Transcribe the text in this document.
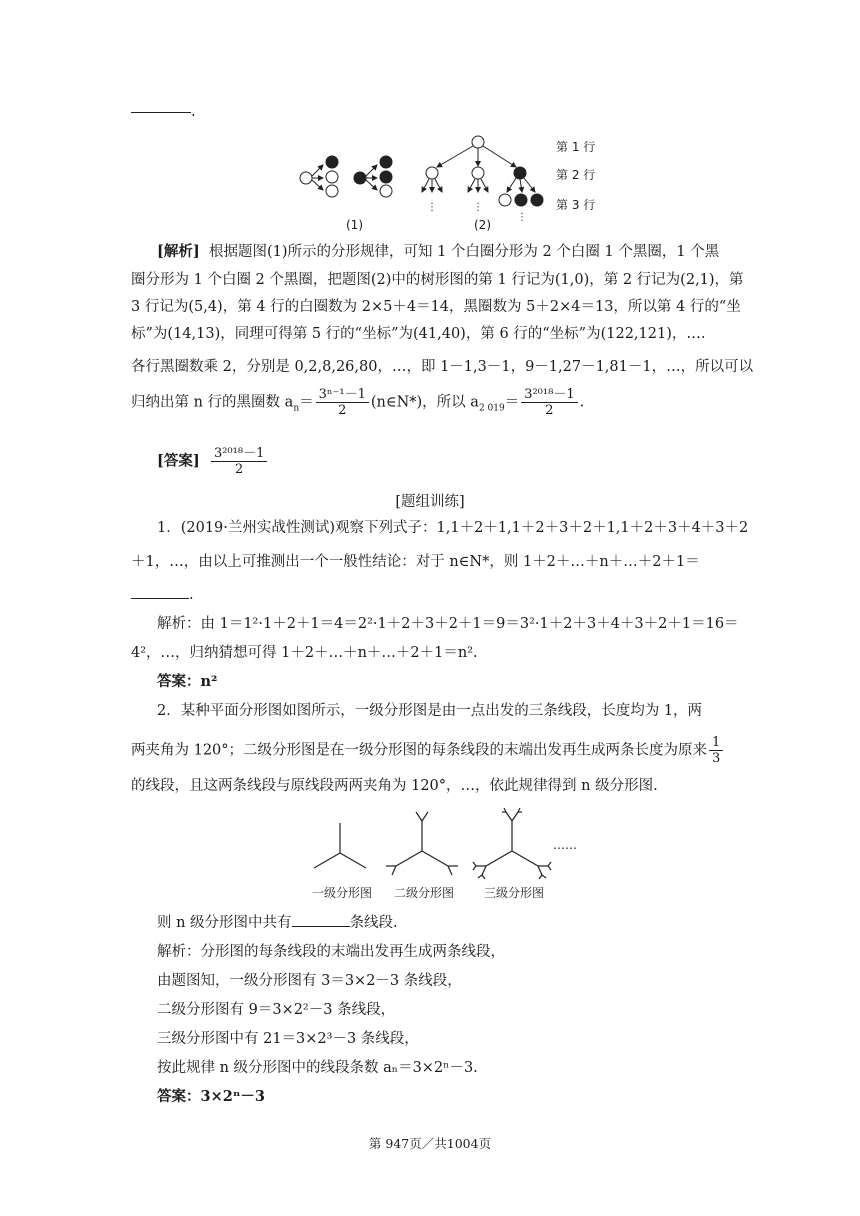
.
⋮	⋮
⋮
(1)	(2)
第 1 行
第 2 行
第 3 行
[解析] 根据题图(1)所示的分形规律，可知 1 个白圈分形为 2 个白圈 1 个黑圈，1 个黑
圈分形为 1 个白圈 2 个黑圈，把题图(2)中的树形图的第 1 行记为(1,0)，第 2 行记为(2,1)，第
3 行记为(5,4)，第 4 行的白圈数为 2×5＋4＝14，黑圈数为 5＋2×4＝13，所以第 4 行的“坐
标”为(14,13)，同理可得第 5 行的“坐标”为(41,40)，第 6 行的“坐标”为(122,121)，….
各行黑圈数乘 2，分别是 0,2,8,26,80，…，即 1－1,3－1，9－1,27－1,81－1，…，所以可以
归纳出第 n 行的黑圈数 $a_n= \frac{\text{3ⁿ⁻¹－1}}{2}$ (n∈N*)，所以 $a_{2 019}= \frac{\text{3²⁰¹⁸－1}}{2}$ .
[答案] $\frac{\text{3²⁰¹⁸－1}}{2}$
[题组训练]
1．(2019·兰州实战性测试)观察下列式子：1,1＋2＋1,1＋2＋3＋2＋1,1＋2＋3＋4＋3＋2
＋1，…，由以上可推测出一个一般性结论：对于 n∈N*，则 1＋2＋…＋n＋…＋2＋1＝
.
解析：由 1＝1²·1＋2＋1＝4＝2²·1＋2＋3＋2＋1＝9＝3²·1＋2＋3＋4＋3＋2＋1＝16＝
4²，…，归纳猜想可得 1＋2＋…＋n＋…＋2＋1＝n².
答案：n²
2．某种平面分形图如图所示，一级分形图是由一点出发的三条线段，长度均为 1，两
两夹角为 120°；二级分形图是在一级分形图的每条线段的末端出发再生成两条长度为原来 $\frac{1}{3}$
的线段，且这两条线段与原线段两两夹角为 120°，…，依此规律得到 n 级分形图.
……
一级分形图 二级分形图 三级分形图
则 n 级分形图中共有	条线段.
解析：分形图的每条线段的末端出发再生成两条线段，
由题图知，一级分形图有 3＝3×2－3 条线段，
二级分形图有 9＝3×2²－3 条线段，
三级分形图中有 21＝3×2³－3 条线段，
按此规律 n 级分形图中的线段条数 aₙ＝3×2ⁿ－3.
答案：3×2ⁿ－3
第 947页／共1004页
